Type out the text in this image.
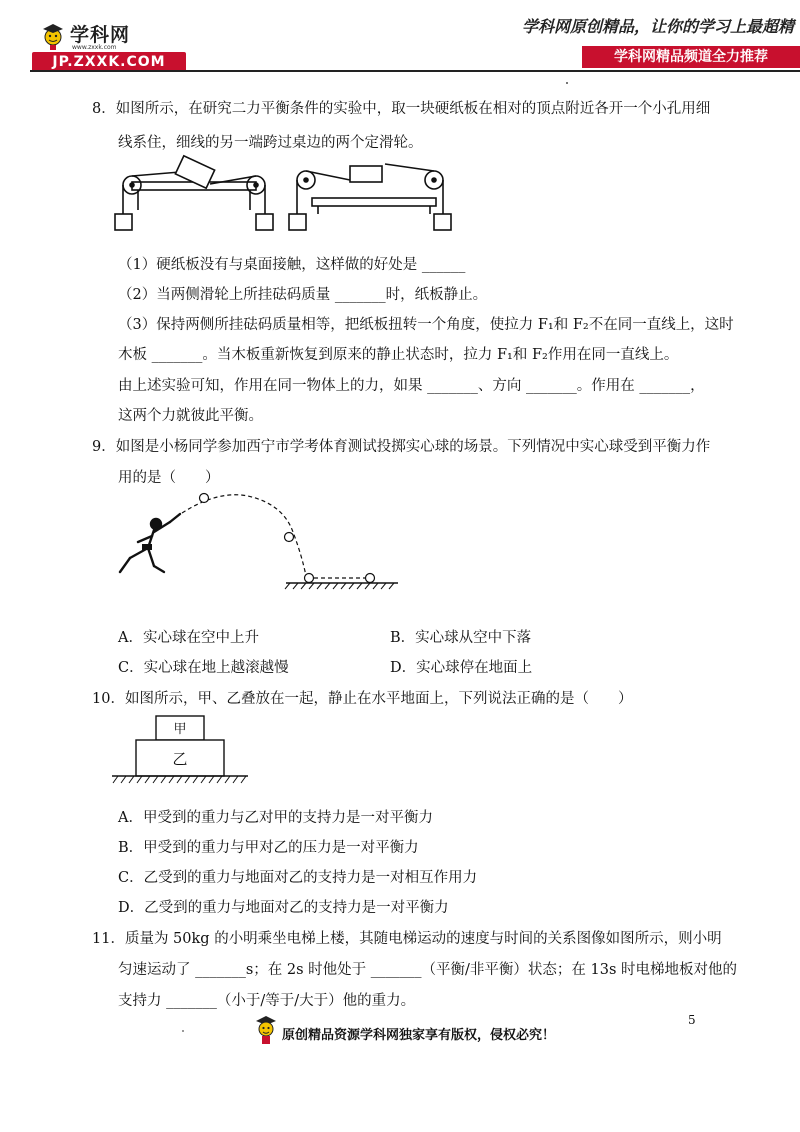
学科网
www.zxxk.com
JP.ZXXK.COM
学科网原创精品，让你的学习上最超精
学科网精品频道全力推荐
8．如图所示，在研究二力平衡条件的实验中，取一块硬纸板在相对的顶点附近各开一个小孔用细
线系住，细线的另一端跨过桌边的两个定滑轮。
（1）硬纸板没有与桌面接触，这样做的好处是 ______
（2）当两侧滑轮上所挂砝码质量 _______时，纸板静止。
（3）保持两侧所挂砝码质量相等，把纸板扭转一个角度，使拉力 F₁和 F₂不在同一直线上，这时
木板 _______。当木板重新恢复到原来的静止状态时，拉力 F₁和 F₂作用在同一直线上。
由上述实验可知，作用在同一物体上的力，如果 _______、方向 _______。作用在 _______，
这两个力就彼此平衡。
9．如图是小杨同学参加西宁市学考体育测试投掷实心球的场景。下列情况中实心球受到平衡力作
用的是（　　）
A．实心球在空中上升	B．实心球从空中下落
C．实心球在地上越滚越慢	D．实心球停在地面上
10．如图所示，甲、乙叠放在一起，静止在水平地面上，下列说法正确的是（　　）
甲
乙
A．甲受到的重力与乙对甲的支持力是一对平衡力
B．甲受到的重力与甲对乙的压力是一对平衡力
C．乙受到的重力与地面对乙的支持力是一对相互作用力
D．乙受到的重力与地面对乙的支持力是一对平衡力
11．质量为 50kg 的小明乘坐电梯上楼，其随电梯运动的速度与时间的关系图像如图所示，则小明
匀速运动了 _______s；在 2s 时他处于 _______（平衡/非平衡）状态；在 13s 时电梯地板对他的
支持力 _______（小于/等于/大于）他的重力。
5
原创精品资源学科网独家享有版权，侵权必究！
